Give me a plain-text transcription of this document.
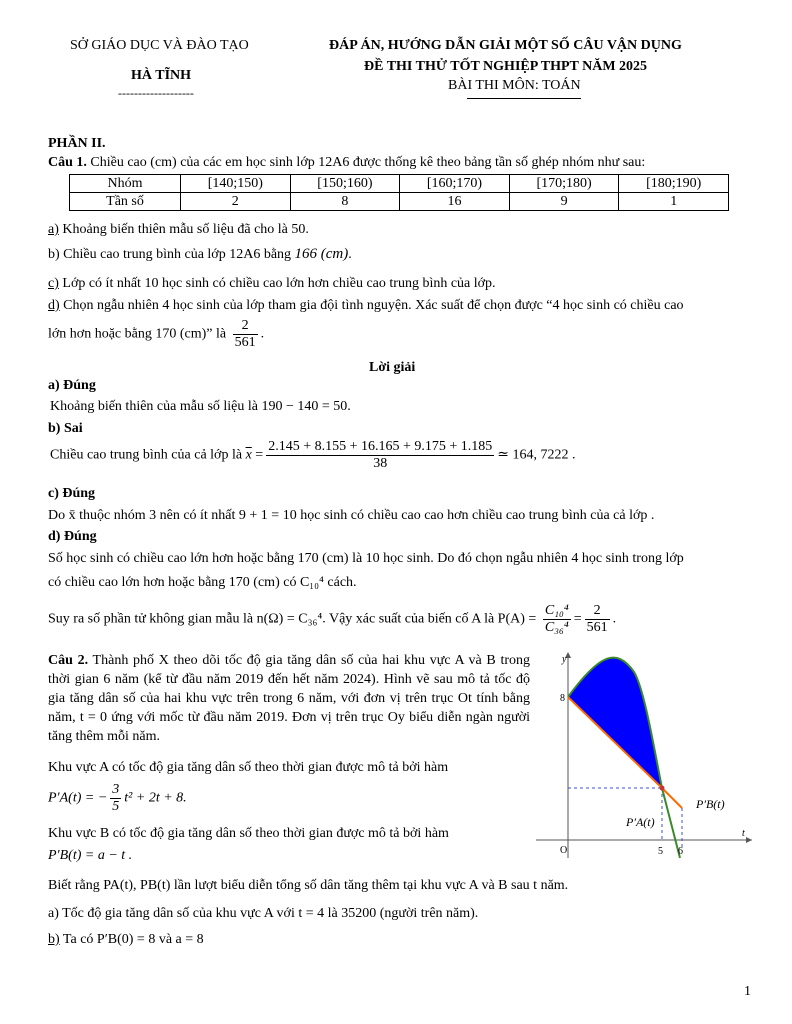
SỞ GIÁO DỤC VÀ ĐÀO TẠO
HÀ TĨNH
-------------------
ĐÁP ÁN, HƯỚNG DẪN GIẢI MỘT SỐ CÂU VẬN DỤNG
ĐỀ THI THỬ TỐT NGHIỆP THPT NĂM 2025
BÀI THI MÔN: TOÁN
PHẦN II.
Câu 1. Chiều cao (cm) của các em học sinh lớp 12A6 được thống kê theo bảng tần số ghép nhóm như sau:
Nhóm	[140;150)	[150;160)	[160;170)	[170;180)	[180;190)
Tần số	2	8	16	9	1
a) Khoảng biến thiên mẫu số liệu đã cho là 50.
b) Chiều cao trung bình của lớp 12A6 bằng 166 (cm).
c) Lớp có ít nhất 10 học sinh có chiều cao lớn hơn chiều cao trung bình của lớp.
d) Chọn ngẫu nhiên 4 học sinh của lớp tham gia đội tình nguyện. Xác suất để chọn được “4 học sinh có chiều cao
lớn hơn hoặc bằng 170 (cm)” là $\frac{2}{561}$ .
Lời giải
a) Đúng
Khoảng biến thiên của mẫu số liệu là 190 − 140 = 50.
b) Sai
Chiều cao trung bình của cả lớp là $\overline{x} = \frac{2.145 + 8.155 + 16.165 + 9.175 + 1.185}{38}$ ≃ 164, 7222 .
c) Đúng
Do x̄ thuộc nhóm 3 nên có ít nhất 9 + 1 = 10 học sinh có chiều cao cao hơn chiều cao trung bình của cả lớp .
d) Đúng
Số học sinh có chiều cao lớn hơn hoặc bằng 170 (cm) là 10 học sinh. Do đó chọn ngẫu nhiên 4 học sinh trong lớp
có chiều cao lớn hơn hoặc bằng 170 (cm) có C₁₀⁴ cách.
Suy ra số phần tử không gian mẫu là n(Ω) = C₃₆⁴. Vậy xác suất của biến cố A là $P(A) = \frac{\text{C₁₀⁴}}{\text{C₃₆⁴}} = \frac{2}{561}$ .
Câu 2. Thành phố X theo dõi tốc độ gia tăng dân số của hai khu vực A và B trong thời gian 6 năm (kể từ đầu năm 2019 đến hết năm 2024). Hình vẽ sau mô tả tốc độ gia tăng dân số của hai khu vực trên trong 6 năm, với đơn vị trên trục Ot tính bằng năm, t = 0 ứng với mốc từ đầu năm 2019. Đơn vị trên trục Oy biểu diễn ngàn người tăng thêm mỗi năm.
Khu vực A có tốc độ gia tăng dân số theo thời gian được mô tả bởi hàm
P′A(t) = − $\frac{3}{5} t^2 + 2t + 8$.
Khu vực B có tốc độ gia tăng dân số theo thời gian được mô tả bởi hàm
P′B(t) = a − t .
Biết rằng PA(t), PB(t) lần lượt biểu diễn tổng số dân tăng thêm tại khu vực A và B sau t năm.
a) Tốc độ gia tăng dân số của khu vực A với t = 4 là 35200 (người trên năm).
b) Ta có P′B(0) = 8 và a = 8
y
t
O
8
5 6
P′A(t)
P′B(t)
1
